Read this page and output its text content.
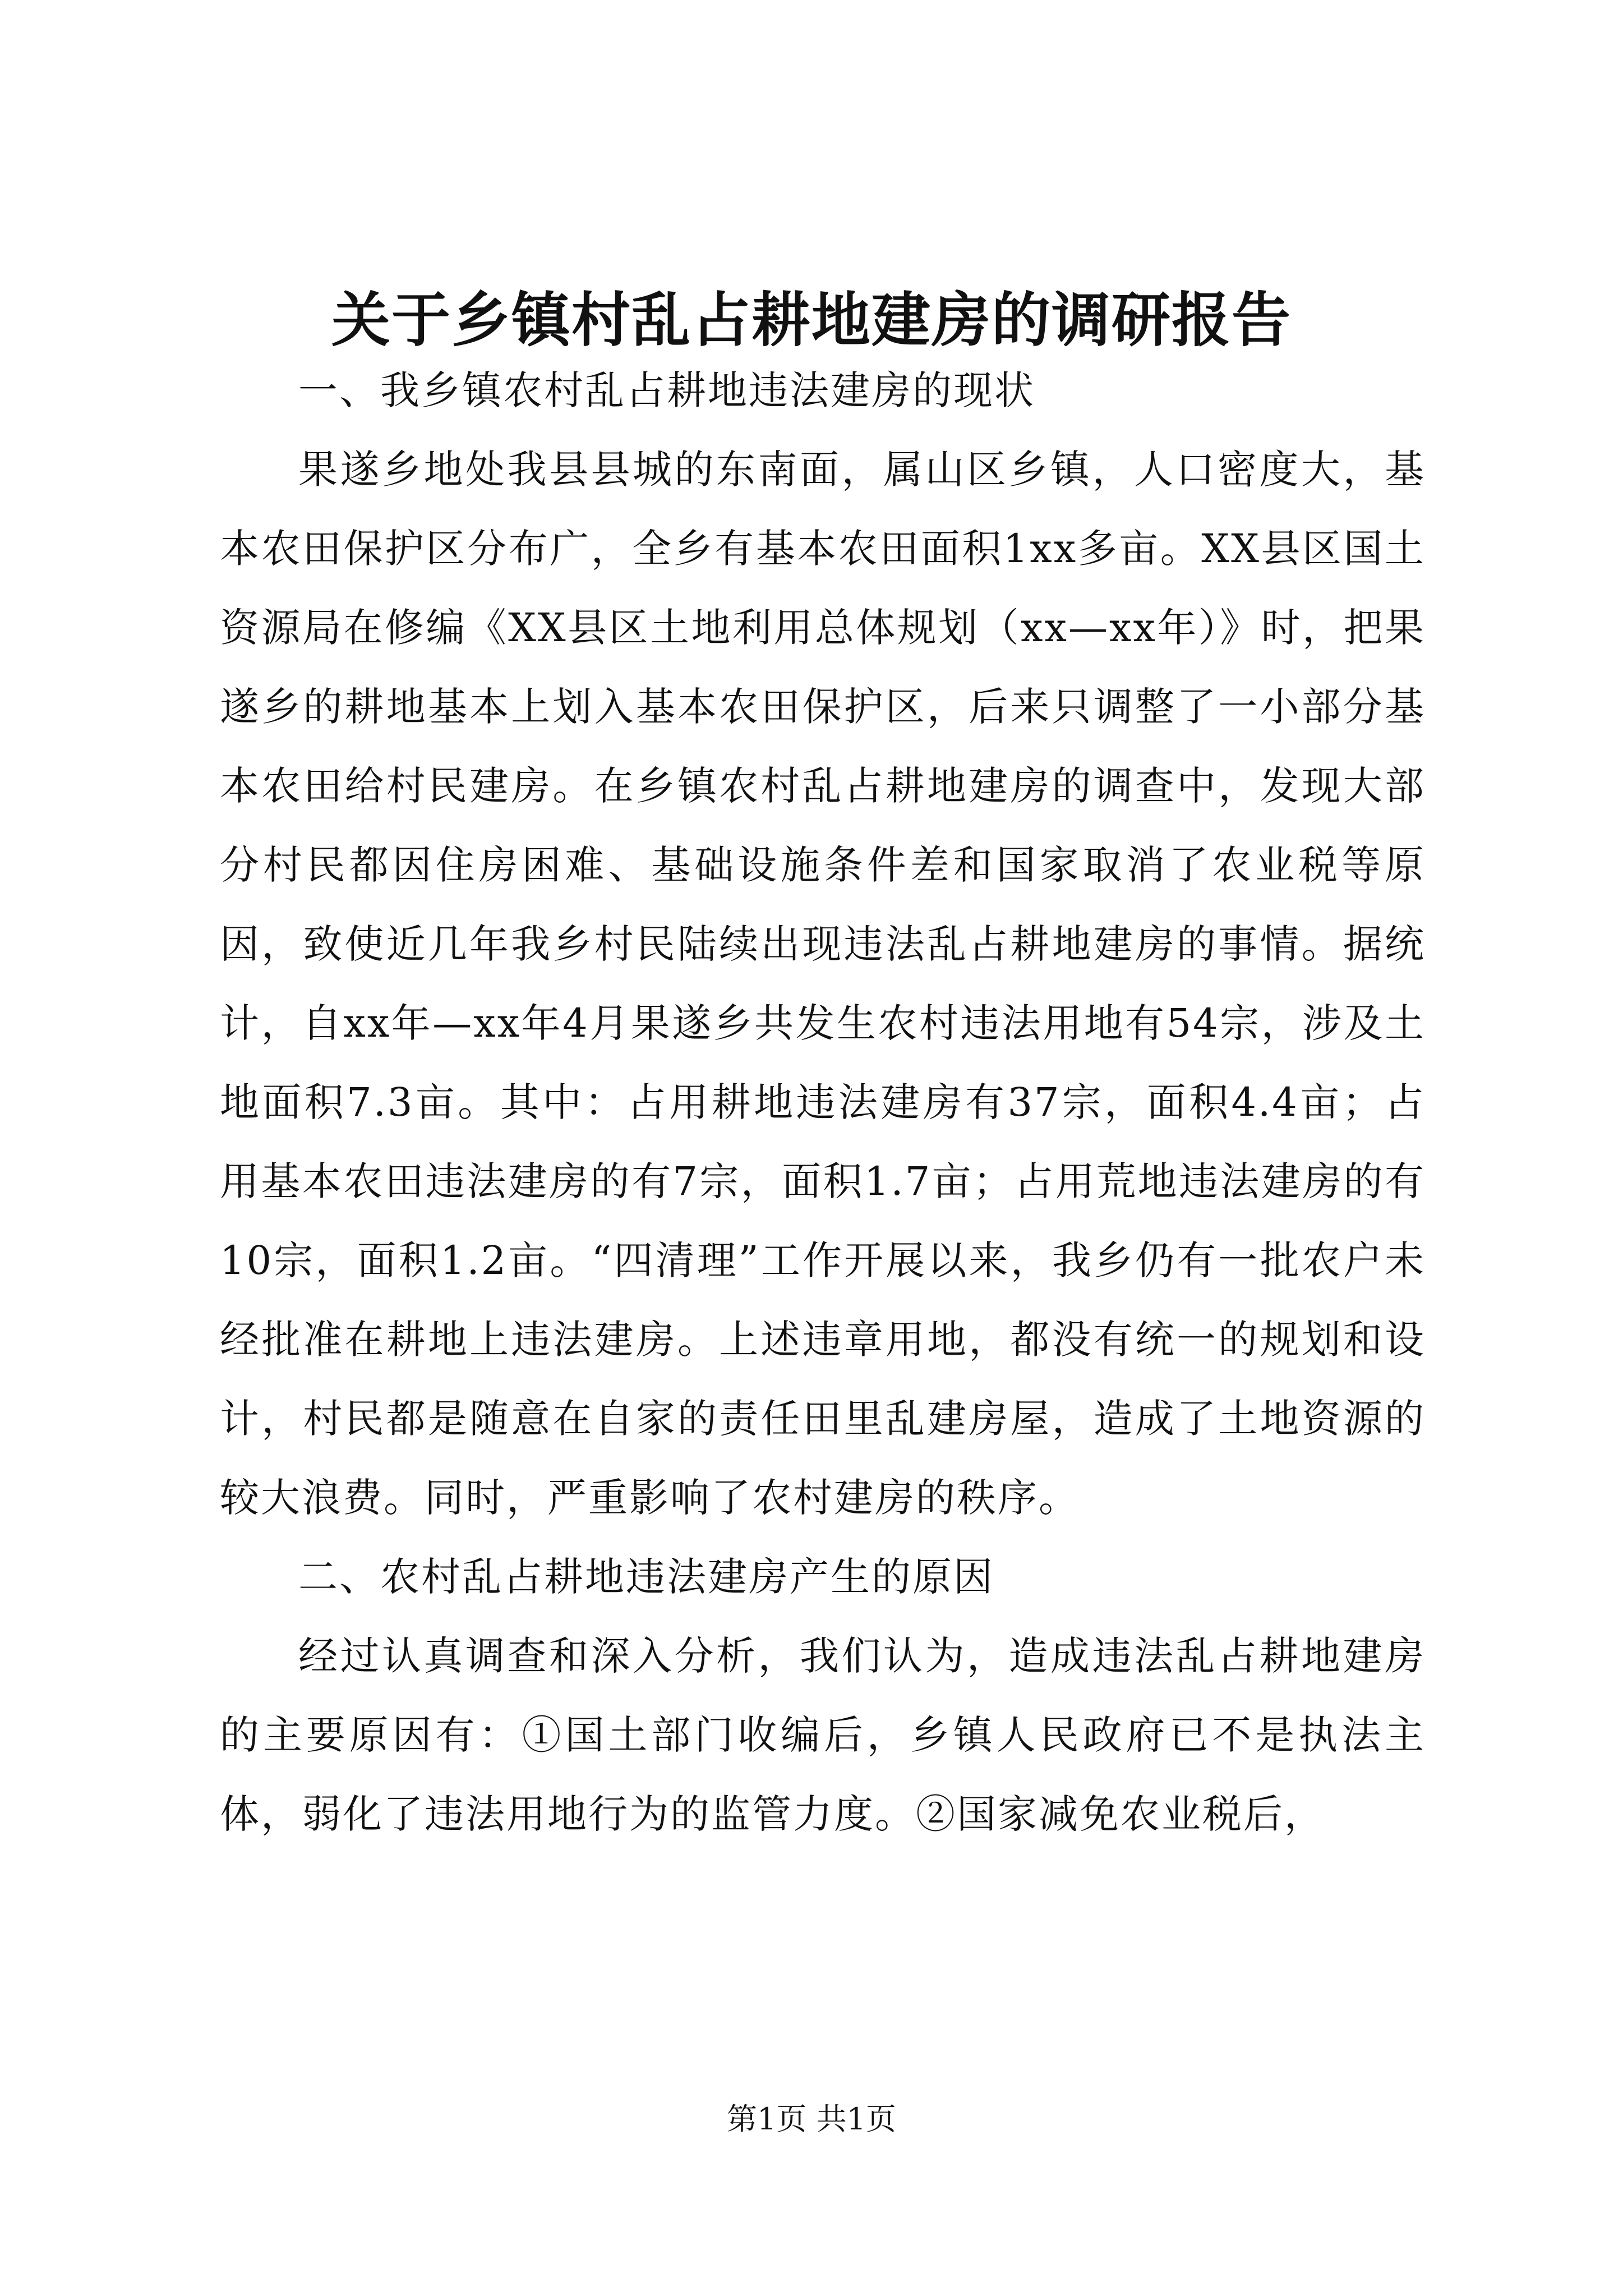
关于乡镇村乱占耕地建房的调研报告

一、我乡镇农村乱占耕地违法建房的现状

果遂乡地处我县县城的东南面，属山区乡镇，人口密度大，基本农田保护区分布广，全乡有基本农田面积1xx多亩。XX县区国土资源局在修编《XX县区土地利用总体规划（xx—xx年）》时，把果遂乡的耕地基本上划入基本农田保护区，后来只调整了一小部分基本农田给村民建房。在乡镇农村乱占耕地建房的调查中，发现大部分村民都因住房困难、基础设施条件差和国家取消了农业税等原因，致使近几年我乡村民陆续出现违法乱占耕地建房的事情。据统计，自xx年—xx年4月果遂乡共发生农村违法用地有54宗，涉及土地面积7.3亩。其中：占用耕地违法建房有37宗，面积4.4亩；占用基本农田违法建房的有7宗，面积1.7亩；占用荒地违法建房的有10宗，面积1.2亩。“四清理”工作开展以来，我乡仍有一批农户未经批准在耕地上违法建房。上述违章用地，都没有统一的规划和设计，村民都是随意在自家的责任田里乱建房屋，造成了土地资源的较大浪费。同时，严重影响了农村建房的秩序。

二、农村乱占耕地违法建房产生的原因

经过认真调查和深入分析，我们认为，造成违法乱占耕地建房的主要原因有：①国土部门收编后，乡镇人民政府已不是执法主体，弱化了违法用地行为的监管力度。②国家减免农业税后，

第1页 共1页
